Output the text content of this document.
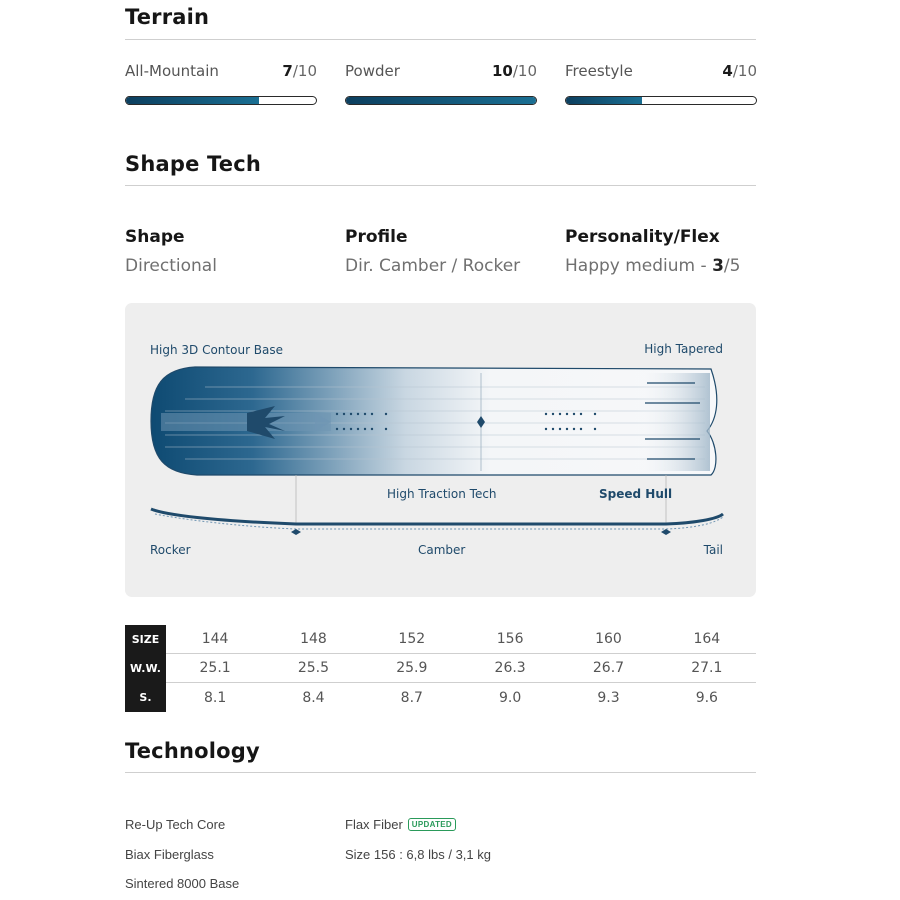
Terrain
All-Mountain	7/10 Powder	10/10 Freestyle	4/10
Shape Tech
Shape
Directional
Profile
Dir. Camber / Rocker
Personality/Flex
Happy medium - 3/5
High 3D Contour Base	High Tapered
High Traction Tech	Speed Hull
Rocker	Camber	Tail
SIZE	144	148	152	156	160	164
W.W.	25.1	25.5	25.9	26.3	26.7	27.1
S.	8.1	8.4	8.7	9.0	9.3	9.6
Technology
Re-Up Tech Core
Biax Fiberglass
Sintered 8000 Base
Flax Fiber UPDATED
Size 156 : 6,8 lbs / 3,1 kg
